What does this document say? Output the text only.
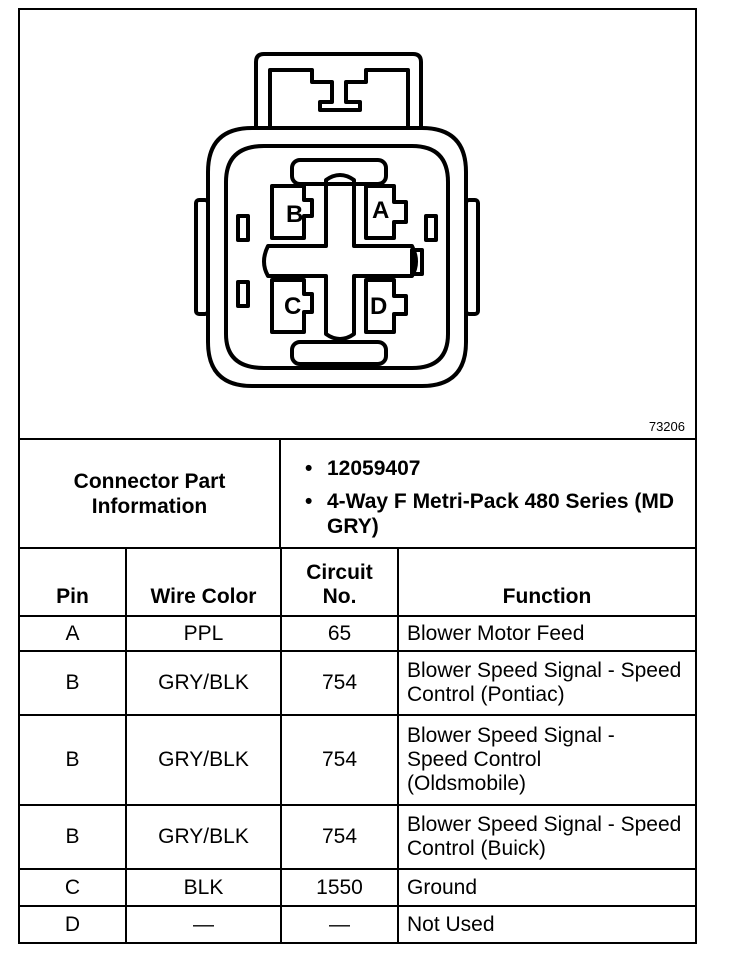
B	A
C	D
73206
Connector Part Information
• 12059407
• 4-Way F Metri-Pack 480 Series (MD GRY)
Pin	Wire Color	Circuit No.	Function
A	PPL	65	Blower Motor Feed
B	GRY/BLK	754	Blower Speed Signal - Speed Control (Pontiac)
B	GRY/BLK	754	Blower Speed Signal - Speed Control (Oldsmobile)
B	GRY/BLK	754	Blower Speed Signal - Speed Control (Buick)
C	BLK	1550	Ground
D	—	—	Not Used
